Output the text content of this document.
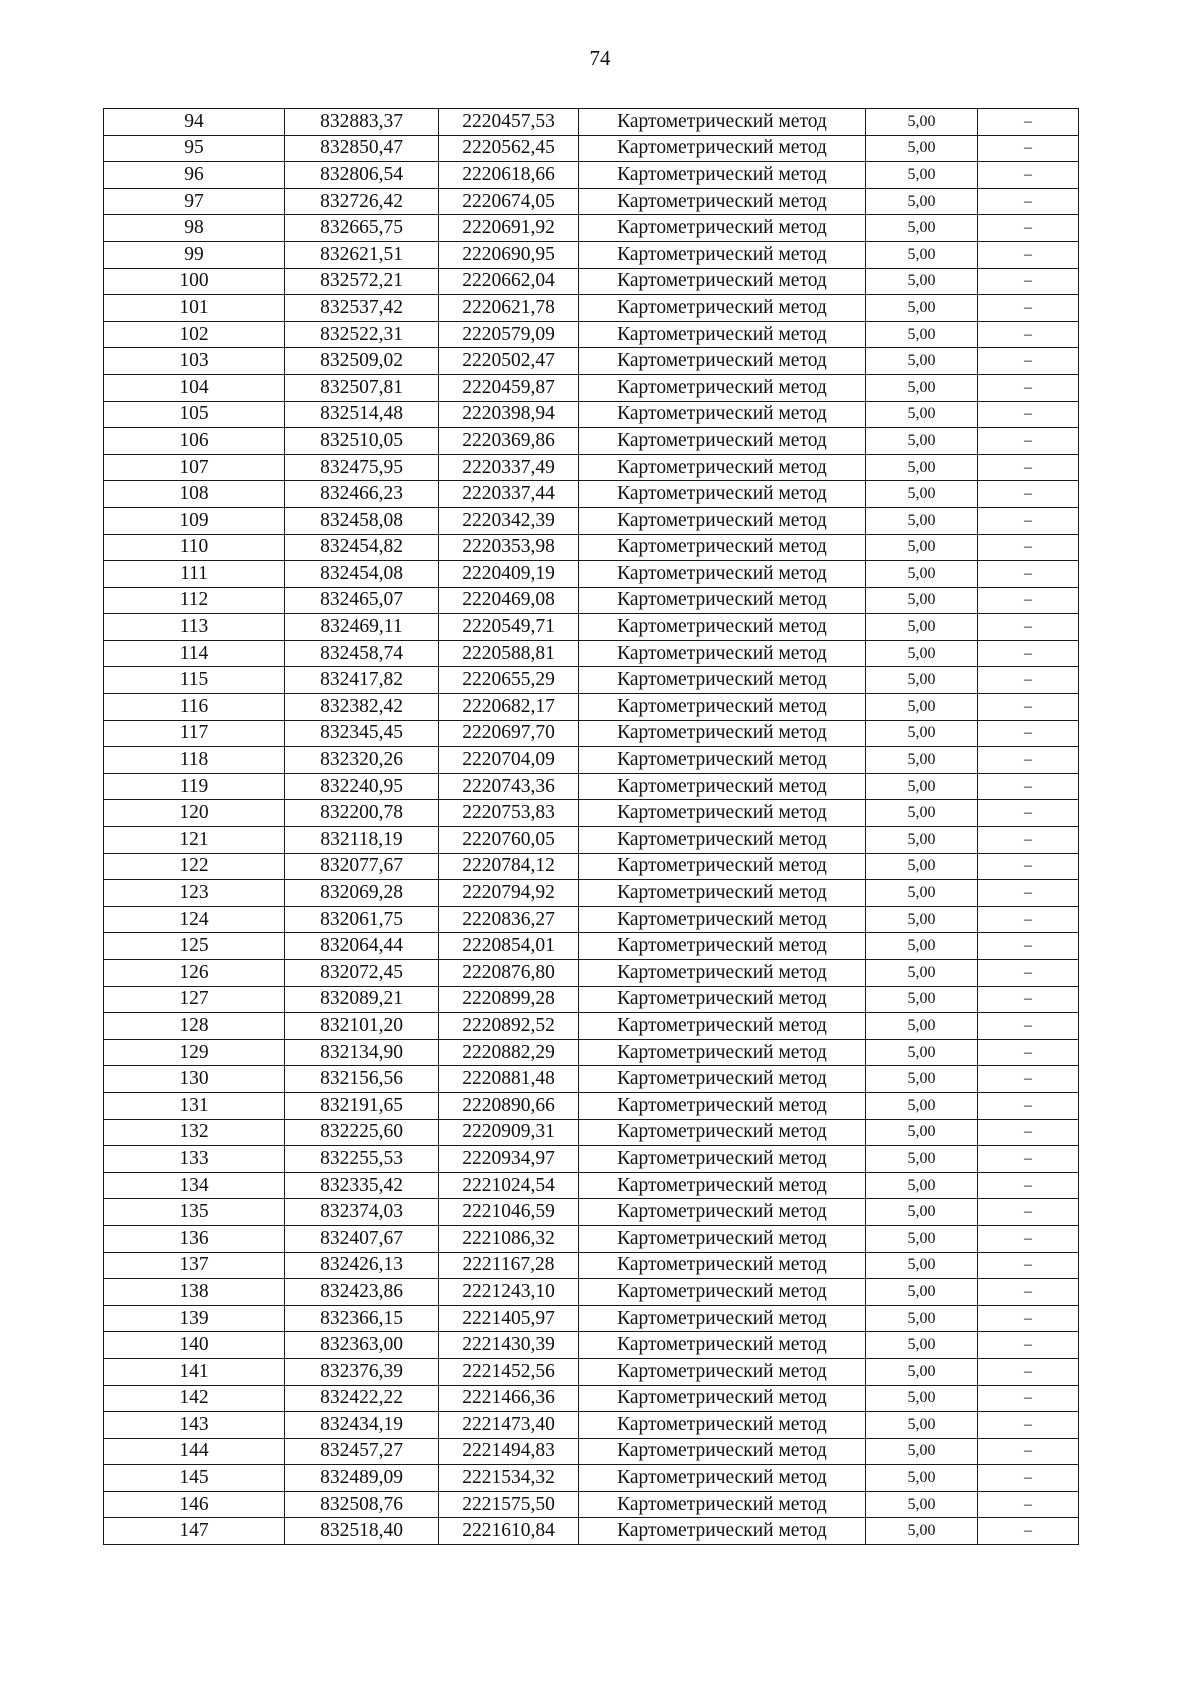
74
94	832883,37	2220457,53	Картометрический метод	5,00	–
95	832850,47	2220562,45	Картометрический метод	5,00	–
96	832806,54	2220618,66	Картометрический метод	5,00	–
97	832726,42	2220674,05	Картометрический метод	5,00	–
98	832665,75	2220691,92	Картометрический метод	5,00	–
99	832621,51	2220690,95	Картометрический метод	5,00	–
100	832572,21	2220662,04	Картометрический метод	5,00	–
101	832537,42	2220621,78	Картометрический метод	5,00	–
102	832522,31	2220579,09	Картометрический метод	5,00	–
103	832509,02	2220502,47	Картометрический метод	5,00	–
104	832507,81	2220459,87	Картометрический метод	5,00	–
105	832514,48	2220398,94	Картометрический метод	5,00	–
106	832510,05	2220369,86	Картометрический метод	5,00	–
107	832475,95	2220337,49	Картометрический метод	5,00	–
108	832466,23	2220337,44	Картометрический метод	5,00	–
109	832458,08	2220342,39	Картометрический метод	5,00	–
110	832454,82	2220353,98	Картометрический метод	5,00	–
111	832454,08	2220409,19	Картометрический метод	5,00	–
112	832465,07	2220469,08	Картометрический метод	5,00	–
113	832469,11	2220549,71	Картометрический метод	5,00	–
114	832458,74	2220588,81	Картометрический метод	5,00	–
115	832417,82	2220655,29	Картометрический метод	5,00	–
116	832382,42	2220682,17	Картометрический метод	5,00	–
117	832345,45	2220697,70	Картометрический метод	5,00	–
118	832320,26	2220704,09	Картометрический метод	5,00	–
119	832240,95	2220743,36	Картометрический метод	5,00	–
120	832200,78	2220753,83	Картометрический метод	5,00	–
121	832118,19	2220760,05	Картометрический метод	5,00	–
122	832077,67	2220784,12	Картометрический метод	5,00	–
123	832069,28	2220794,92	Картометрический метод	5,00	–
124	832061,75	2220836,27	Картометрический метод	5,00	–
125	832064,44	2220854,01	Картометрический метод	5,00	–
126	832072,45	2220876,80	Картометрический метод	5,00	–
127	832089,21	2220899,28	Картометрический метод	5,00	–
128	832101,20	2220892,52	Картометрический метод	5,00	–
129	832134,90	2220882,29	Картометрический метод	5,00	–
130	832156,56	2220881,48	Картометрический метод	5,00	–
131	832191,65	2220890,66	Картометрический метод	5,00	–
132	832225,60	2220909,31	Картометрический метод	5,00	–
133	832255,53	2220934,97	Картометрический метод	5,00	–
134	832335,42	2221024,54	Картометрический метод	5,00	–
135	832374,03	2221046,59	Картометрический метод	5,00	–
136	832407,67	2221086,32	Картометрический метод	5,00	–
137	832426,13	2221167,28	Картометрический метод	5,00	–
138	832423,86	2221243,10	Картометрический метод	5,00	–
139	832366,15	2221405,97	Картометрический метод	5,00	–
140	832363,00	2221430,39	Картометрический метод	5,00	–
141	832376,39	2221452,56	Картометрический метод	5,00	–
142	832422,22	2221466,36	Картометрический метод	5,00	–
143	832434,19	2221473,40	Картометрический метод	5,00	–
144	832457,27	2221494,83	Картометрический метод	5,00	–
145	832489,09	2221534,32	Картометрический метод	5,00	–
146	832508,76	2221575,50	Картометрический метод	5,00	–
147	832518,40	2221610,84	Картометрический метод	5,00	–
